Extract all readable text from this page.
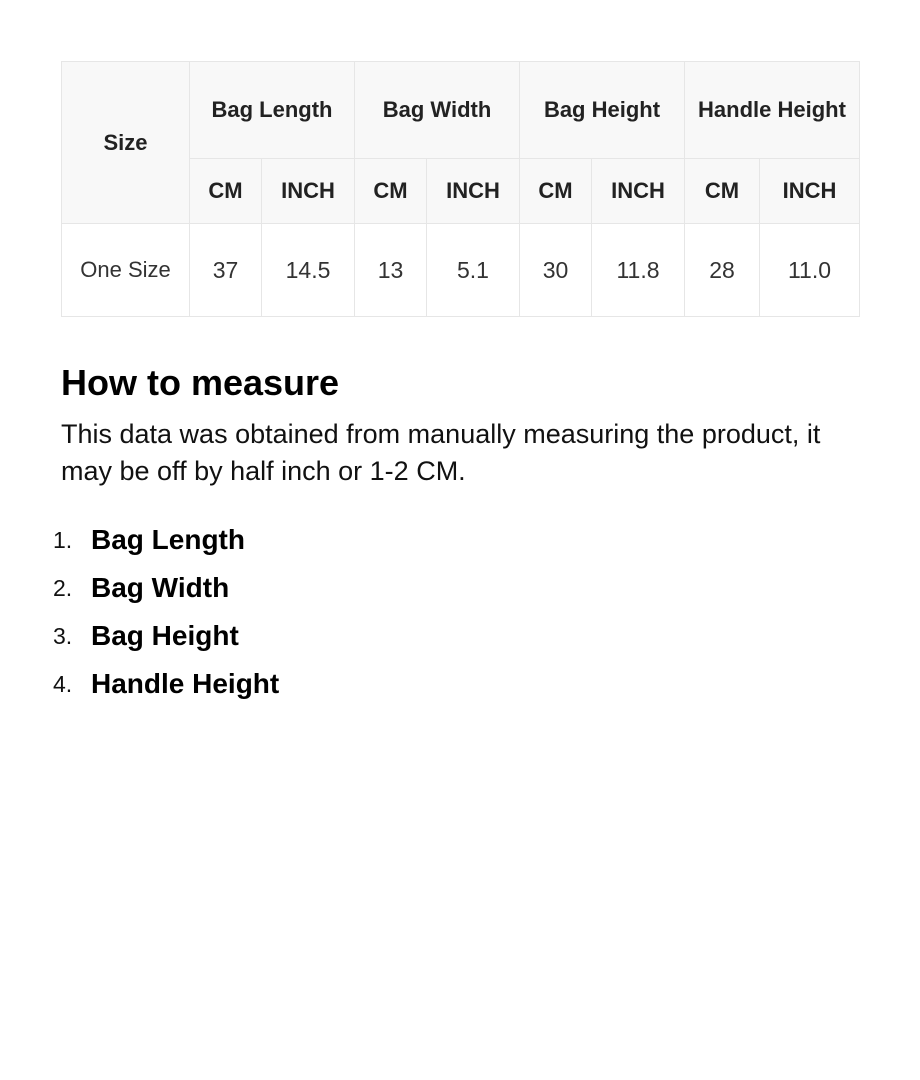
Size	Bag Length		Bag Width		Bag Height		Handle Height	
	CM	INCH	CM	INCH	CM	INCH	CM	INCH
One Size	37	14.5	13	5.1	30	11.8	28	11.0
How to measure

This data was obtained from manually measuring the product, it may be off by half inch or 1-2 CM.

1. Bag Length
2. Bag Width
3. Bag Height
4. Handle Height
